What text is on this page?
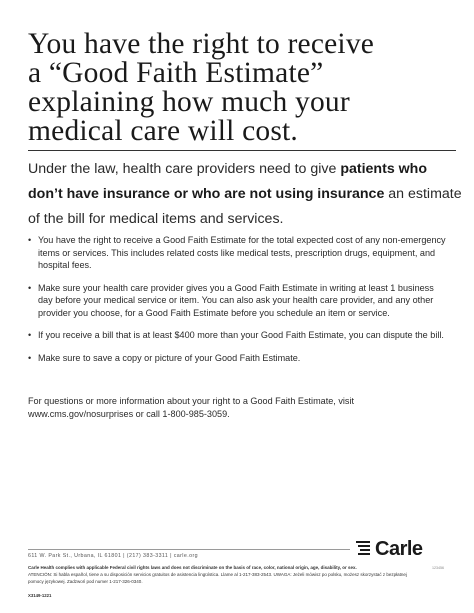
You have the right to receive
a “Good Faith Estimate”
explaining how much your
medical care will cost.

Under the law, health care providers need to give patients who don’t have insurance or who are not using insurance an estimate of the bill for medical items and services.

• You have the right to receive a Good Faith Estimate for the total expected cost of any non-emergency items or services. This includes related costs like medical tests, prescription drugs, equipment, and hospital fees.
• Make sure your health care provider gives you a Good Faith Estimate in writing at least 1 business day before your medical service or item. You can also ask your health care provider, and any other provider you choose, for a Good Faith Estimate before you schedule an item or service.
• If you receive a bill that is at least $400 more than your Good Faith Estimate, you can dispute the bill.
• Make sure to save a copy or picture of your Good Faith Estimate.

For questions or more information about your right to a Good Faith Estimate, visit
www.cms.gov/nosurprises or call 1-800-985-3059.

611 W. Park St., Urbana, IL 61801 | (217) 383-3311 | carle.org	Carle
123456

Carle Health complies with applicable Federal civil rights laws and does not discriminate on the basis of race, color, national origin, age, disability, or sex.
ATENCIÓN: Si habla español, tiene a su disposición servicios gratuitos de asistencia lingüística. Llame al 1-217-383-2543. UWAGA: Jeżeli mówisz po polsku, możesz skorzystać z bezpłatnej
pomocy językowej. Zadzwoń pod numer 1-217-326-0340.

X3149-1221
